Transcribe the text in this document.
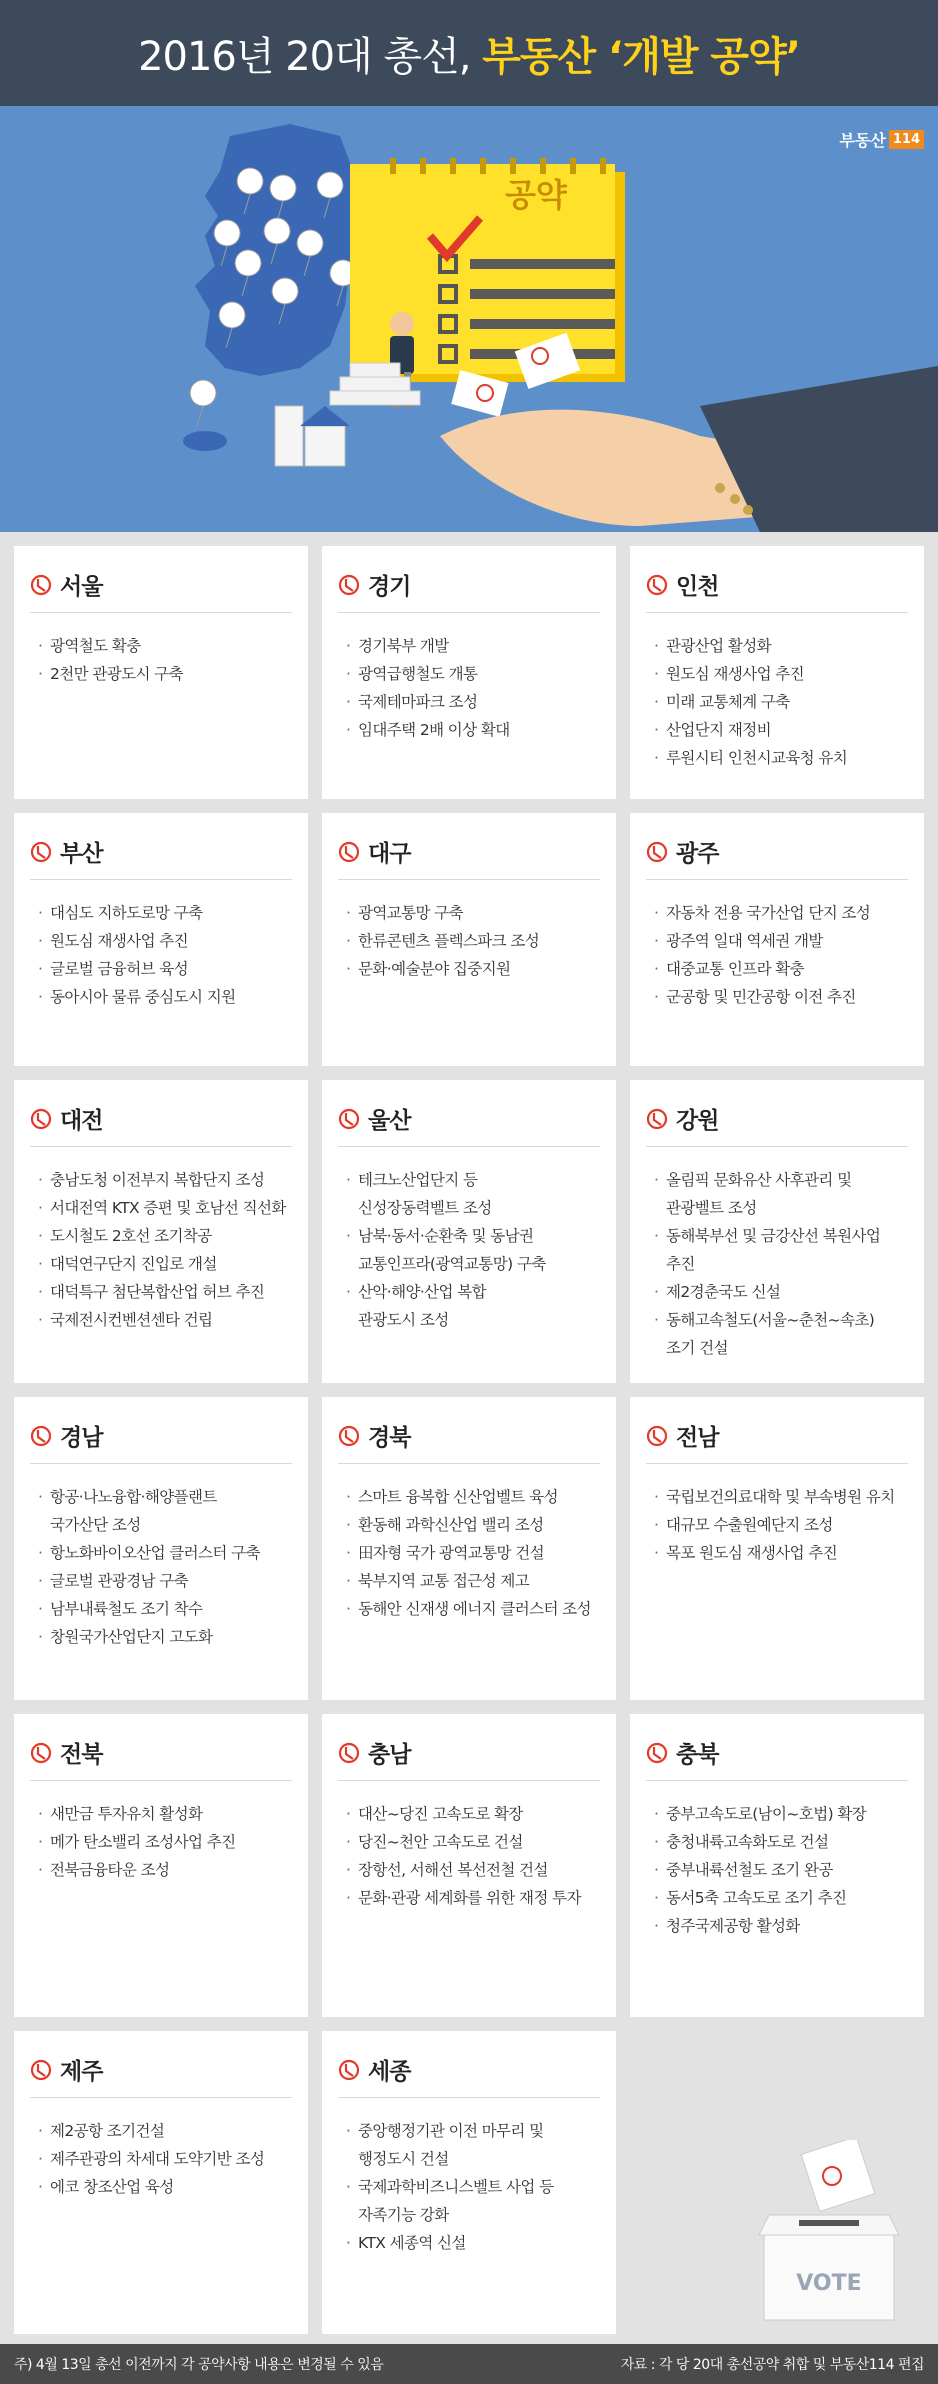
2016년 20대 총선, 부동산 ‘개발 공약’
부동산 114
공약
서울
· 광역철도 확충
· 2천만 관광도시 구축
경기
· 경기북부 개발
· 광역급행철도 개통
· 국제테마파크 조성
· 임대주택 2배 이상 확대
인천
· 관광산업 활성화
· 원도심 재생사업 추진
· 미래 교통체계 구축
· 산업단지 재정비
· 루원시티 인천시교육청 유치
부산
· 대심도 지하도로망 구축
· 원도심 재생사업 추진
· 글로벌 금융허브 육성
· 동아시아 물류 중심도시 지원
대구
· 광역교통망 구축
· 한류콘텐츠 플렉스파크 조성
· 문화·예술분야 집중지원
광주
· 자동차 전용 국가산업 단지 조성
· 광주역 일대 역세권 개발
· 대중교통 인프라 확충
· 군공항 및 민간공항 이전 추진
대전
· 충남도청 이전부지 복합단지 조성
· 서대전역 KTX 증편 및 호남선 직선화
· 도시철도 2호선 조기착공
· 대덕연구단지 진입로 개설
· 대덕특구 첨단복합산업 허브 추진
· 국제전시컨벤션센타 건립
울산
· 테크노산업단지 등
신성장동력벨트 조성
· 남북·동서·순환축 및 동남권
교통인프라(광역교통망) 구축
· 산악·해양·산업 복합
관광도시 조성
강원
· 올림픽 문화유산 사후관리 및
관광벨트 조성
· 동해북부선 및 금강산선 복원사업
추진
· 제2경춘국도 신설
· 동해고속철도(서울~춘천~속초)
조기 건설
경남
· 항공·나노융합·해양플랜트
국가산단 조성
· 항노화바이오산업 클러스터 구축
· 글로벌 관광경남 구축
· 남부내륙철도 조기 착수
· 창원국가산업단지 고도화
경북
· 스마트 융복합 신산업벨트 육성
· 환동해 과학신산업 밸리 조성
· 田자형 국가 광역교통망 건설
· 북부지역 교통 접근성 제고
· 동해안 신재생 에너지 클러스터 조성
전남
· 국립보건의료대학 및 부속병원 유치
· 대규모 수출원예단지 조성
· 목포 원도심 재생사업 추진
전북
· 새만금 투자유치 활성화
· 메가 탄소밸리 조성사업 추진
· 전북금융타운 조성
충남
· 대산~당진 고속도로 확장
· 당진~천안 고속도로 건설
· 장항선, 서해선 복선전철 건설
· 문화·관광 세계화를 위한 재정 투자
충북
· 중부고속도로(남이~호법) 확장
· 충청내륙고속화도로 건설
· 중부내륙선철도 조기 완공
· 동서5축 고속도로 조기 추진
· 청주국제공항 활성화
제주
· 제2공항 조기건설
· 제주관광의 차세대 도약기반 조성
· 에코 창조산업 육성
세종
· 중앙행정기관 이전 마무리 및
행정도시 건설
· 국제과학비즈니스벨트 사업 등
자족기능 강화
· KTX 세종역 신설
VOTE
주) 4월 13일 총선 이전까지 각 공약사항 내용은 변경될 수 있음	자료 : 각 당 20대 총선공약 취합 및 부동산114 편집
